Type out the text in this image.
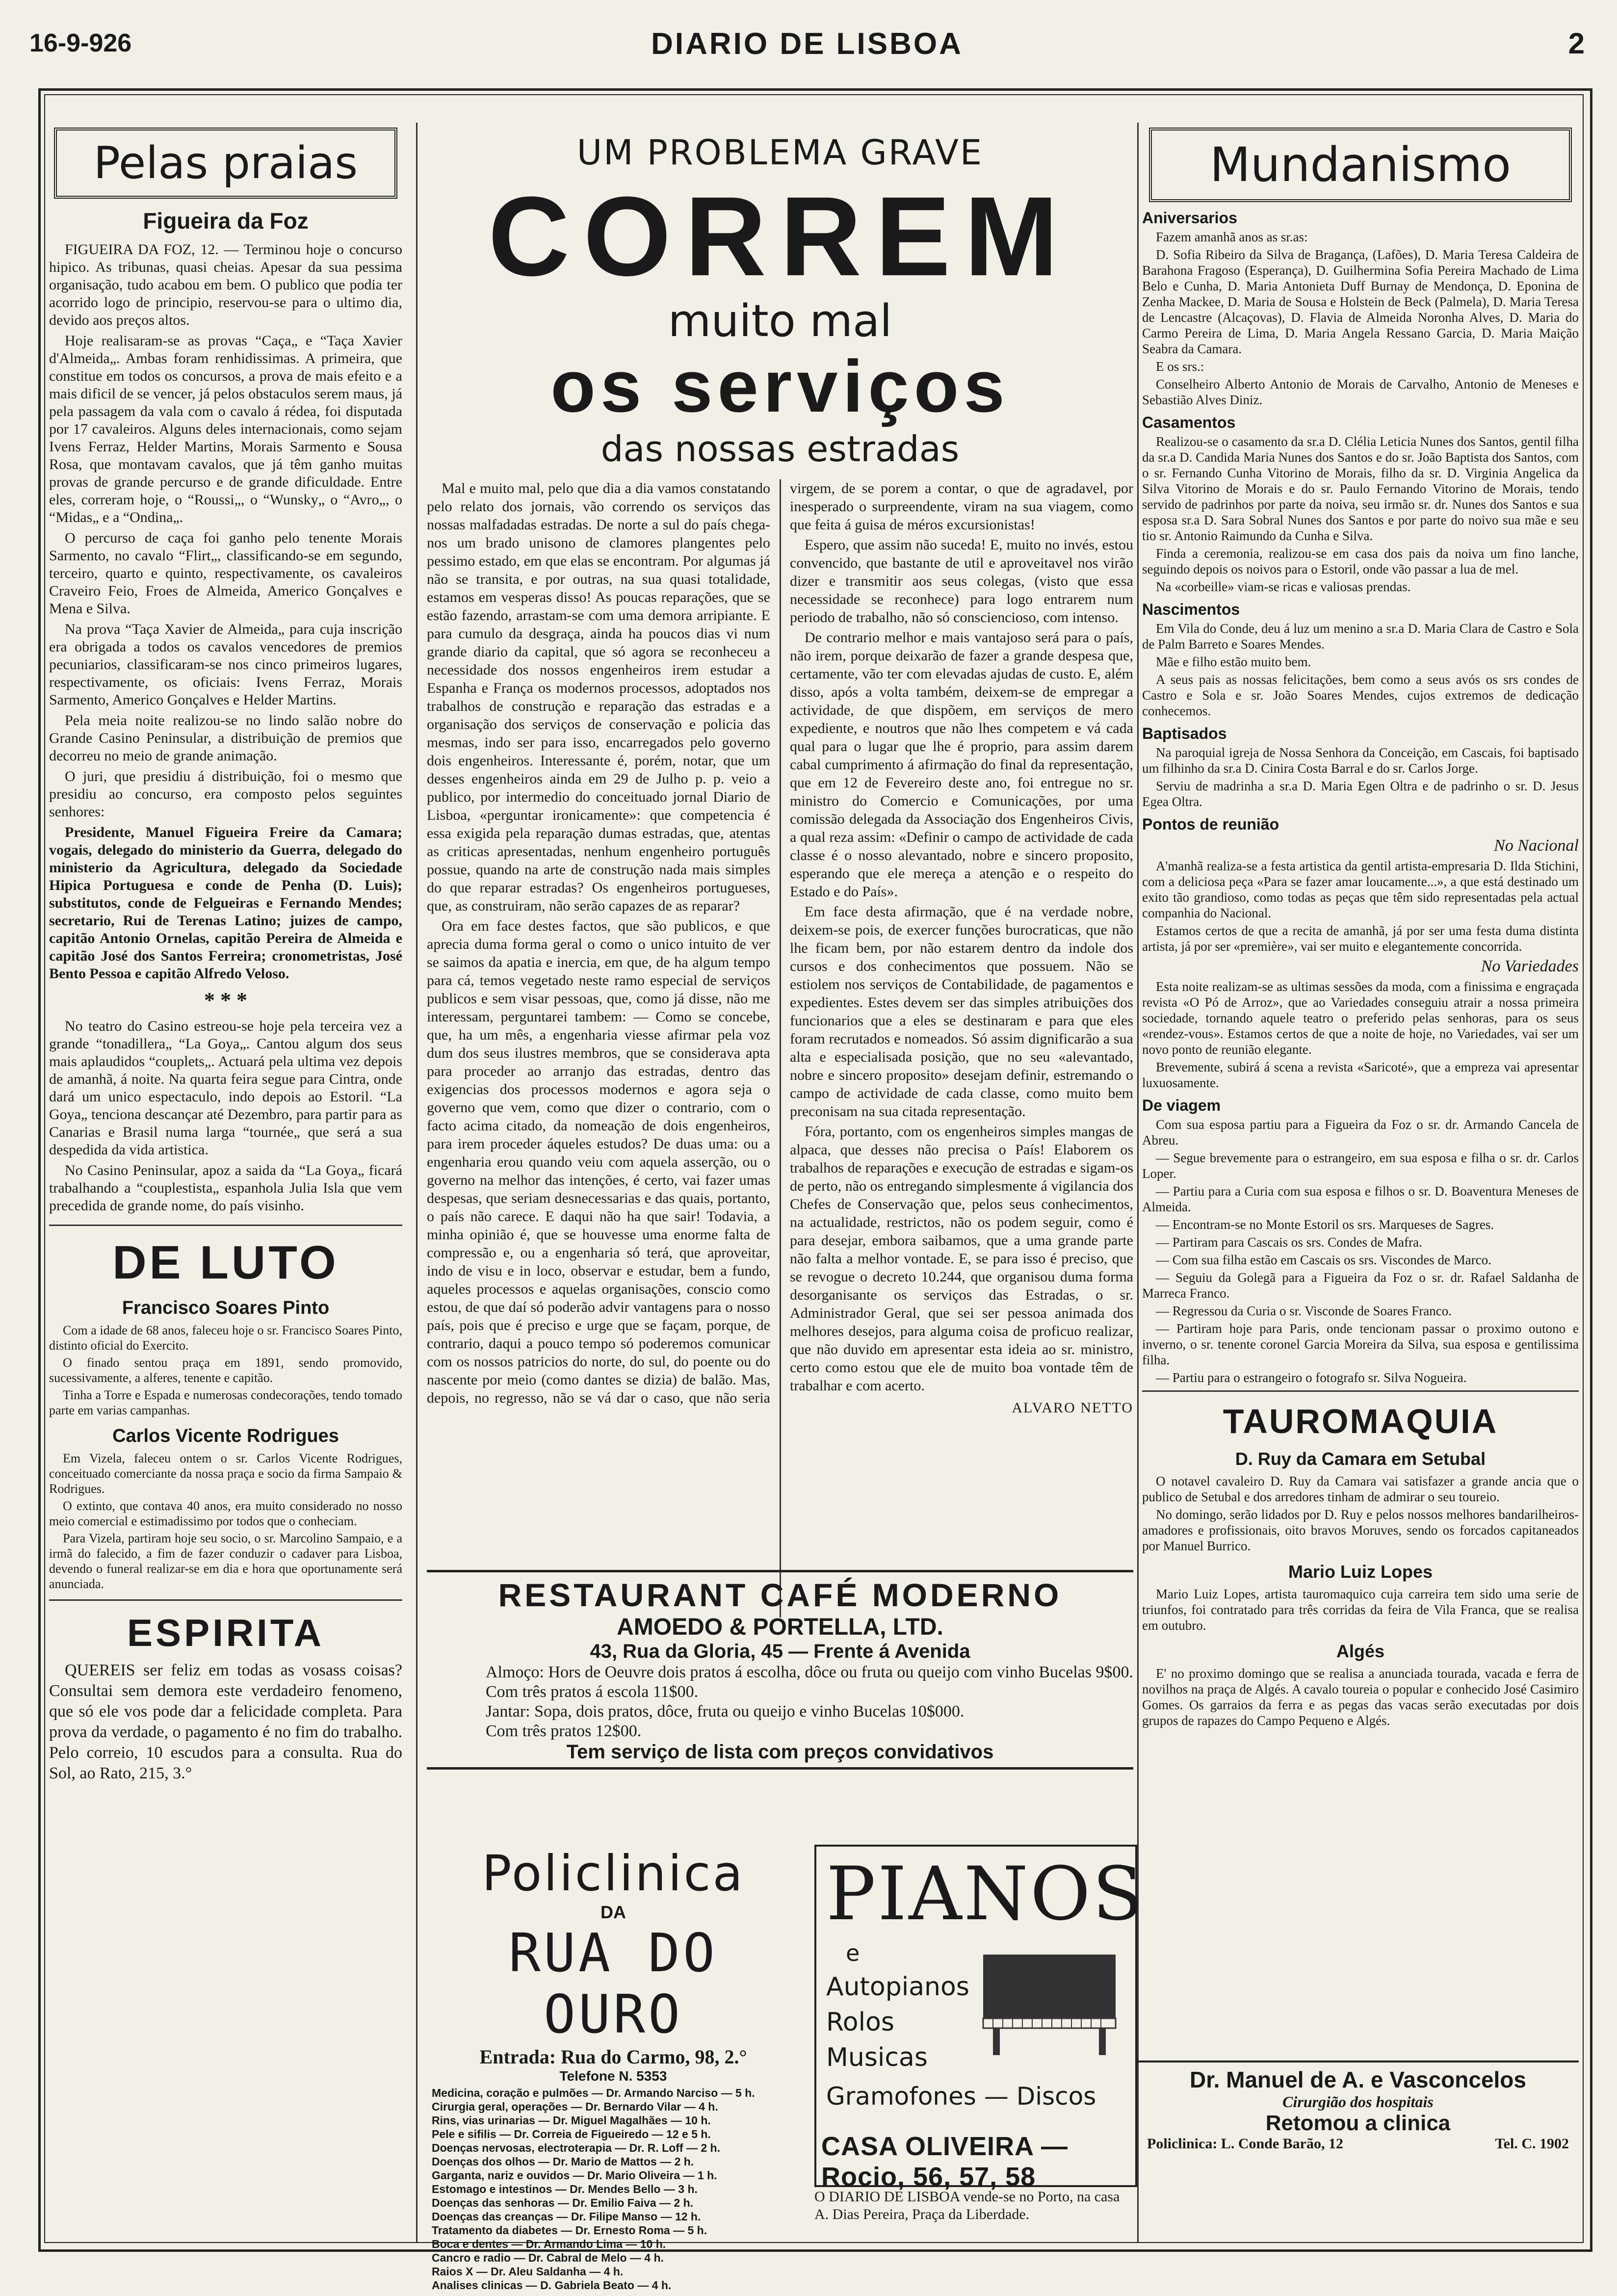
16-9-926	DIARIO DE LISBOA	2
Pelas praias
Figueira da Foz

FIGUEIRA DA FOZ, 12. — Terminou hoje o concurso hipico. As tribunas, quasi cheias. Apesar da sua pessima organisação, tudo acabou em bem. O publico que podia ter acorrido logo de principio, reservou-se para o ultimo dia, devido aos preços altos.

Hoje realisaram-se as provas “Caça„ e “Taça Xavier d'Almeida„. Ambas foram renhidissimas. A primeira, que constitue em todos os concursos, a prova de mais efeito e a mais dificil de se vencer, já pelos obstaculos serem maus, já pela passagem da vala com o cavalo á rédea, foi disputada por 17 cavaleiros. Alguns deles internacionais, como sejam Ivens Ferraz, Helder Martins, Morais Sarmento e Sousa Rosa, que montavam cavalos, que já têm ganho muitas provas de grande percurso e de grande dificuldade. Entre eles, correram hoje, o “Roussi„, o “Wunsky„ o “Avro„, o “Midas„ e a “Ondina„.

O percurso de caça foi ganho pelo tenente Morais Sarmento, no cavalo “Flirt„, classificando-se em segundo, terceiro, quarto e quinto, respectivamente, os cavaleiros Craveiro Feio, Froes de Almeida, Americo Gonçalves e Mena e Silva.

Na prova “Taça Xavier de Almeida„ para cuja inscrição era obrigada a todos os cavalos vencedores de premios pecuniarios, classificaram-se nos cinco primeiros lugares, respectivamente, os oficiais: Ivens Ferraz, Morais Sarmento, Americo Gonçalves e Helder Martins.

Pela meia noite realizou-se no lindo salão nobre do Grande Casino Peninsular, a distribuição de premios que decorreu no meio de grande animação.

O juri, que presidiu á distribuição, foi o mesmo que presidiu ao concurso, era composto pelos seguintes senhores:

Presidente, Manuel Figueira Freire da Camara; vogais, delegado do ministerio da Guerra, delegado do ministerio da Agricultura, delegado da Sociedade Hipica Portuguesa e conde de Penha (D. Luis); substitutos, conde de Felgueiras e Fernando Mendes; secretario, Rui de Terenas Latino; juizes de campo, capitão Antonio Ornelas, capitão Pereira de Almeida e capitão José dos Santos Ferreira; cronometristas, José Bento Pessoa e capitão Alfredo Veloso.

* * *

No teatro do Casino estreou-se hoje pela terceira vez a grande “tonadillera„ “La Goya„. Cantou algum dos seus mais aplaudidos “couplets„. Actuará pela ultima vez depois de amanhã, á noite. Na quarta feira segue para Cintra, onde dará um unico espectaculo, indo depois ao Estoril. “La Goya„ tenciona descançar até Dezembro, para partir para as Canarias e Brasil numa larga “tournée„ que será a sua despedida da vida artistica.

No Casino Peninsular, apoz a saida da “La Goya„ ficará trabalhando a “couplestista„ espanhola Julia Isla que vem precedida de grande nome, do país visinho.

DE LUTO
Francisco Soares Pinto

Com a idade de 68 anos, faleceu hoje o sr. Francisco Soares Pinto, distinto oficial do Exercito.

O finado sentou praça em 1891, sendo promovido, sucessivamente, a alferes, tenente e capitão.

Tinha a Torre e Espada e numerosas condecorações, tendo tomado parte em varias campanhas.

Carlos Vicente Rodrigues

Em Vizela, faleceu ontem o sr. Carlos Vicente Rodrigues, conceituado comerciante da nossa praça e socio da firma Sampaio & Rodrigues.

O extinto, que contava 40 anos, era muito considerado no nosso meio comercial e estimadissimo por todos que o conheciam.

Para Vizela, partiram hoje seu socio, o sr. Marcolino Sampaio, e a irmã do falecido, a fim de fazer conduzir o cadaver para Lisboa, devendo o funeral realizar-se em dia e hora que oportunamente será anunciada.

ESPIRITA

QUEREIS ser feliz em todas as vosass coisas? Consultai sem demora este verdadeiro fenomeno, que só ele vos pode dar a felicidade completa. Para prova da verdade, o pagamento é no fim do trabalho. Pelo correio, 10 escudos para a consulta. Rua do Sol, ao Rato, 215, 3.°

UM PROBLEMA GRAVE
CORREM
muito mal
os serviços
das nossas estradas

Mal e muito mal, pelo que dia a dia vamos constatando pelo relato dos jornais, vão correndo os serviços das nossas malfadadas estradas. De norte a sul do país chega-nos um brado unisono de clamores plangentes pelo pessimo estado, em que elas se encontram. Por algumas já não se transita, e por outras, na sua quasi totalidade, estamos em vesperas disso! As poucas reparações, que se estão fazendo, arrastam-se com uma demora arripiante. E para cumulo da desgraça, ainda ha poucos dias vi num grande diario da capital, que só agora se reconheceu a necessidade dos nossos engenheiros irem estudar a Espanha e França os modernos processos, adoptados nos trabalhos de construção e reparação das estradas e a organisação dos serviços de conservação e policia das mesmas, indo ser para isso, encarregados pelo governo dois engenheiros. Interessante é, porém, notar, que um desses engenheiros ainda em 29 de Julho p. p. veio a publico, por intermedio do conceituado jornal Diario de Lisboa, «perguntar ironicamente»: que competencia é essa exigida pela reparação dumas estradas, que, atentas as criticas apresentadas, nenhum engenheiro português possue, quando na arte de construção nada mais simples do que reparar estradas? Os engenheiros portugueses, que, as construiram, não serão capazes de as reparar?

Ora em face destes factos, que são publicos, e que aprecia duma forma geral o como o unico intuito de ver se saimos da apatia e inercia, em que, de ha algum tempo para cá, temos vegetado neste ramo especial de serviços publicos e sem visar pessoas, que, como já disse, não me interessam, perguntarei tambem: — Como se concebe, que, ha um mês, a engenharia viesse afirmar pela voz dum dos seus ilustres membros, que se considerava apta para proceder ao arranjo das estradas, dentro das exigencias dos processos modernos e agora seja o governo que vem, como que dizer o contrario, com o facto acima citado, da nomeação de dois engenheiros, para irem proceder áqueles estudos? De duas uma: ou a engenharia erou quando veiu com aquela asserção, ou o governo na melhor das intenções, é certo, vai fazer umas despesas, que seriam desnecessarias e das quais, portanto, o país não carece. E daqui não ha que sair! Todavia, a minha opinião é, que se houvesse uma enorme falta de compressão e, ou a engenharia só terá, que aproveitar, indo de visu e in loco, observar e estudar, bem a fundo, aqueles processos e aquelas organisações, conscio como estou, de que daí só poderão advir vantagens para o nosso país, pois que é preciso e urge que se façam, porque, de contrario, daqui a pouco tempo só poderemos comunicar com os nossos patricios do norte, do sul, do poente ou do nascente por meio (como dantes se dizia) de balão. Mas, depois, no regresso, não se vá dar o caso, que não seria virgem, de se porem a contar, o que de agradavel, por inesperado o surpreendente, viram na sua viagem, como que feita á guisa de méros excursionistas!

Espero, que assim não suceda! E, muito no invés, estou convencido, que bastante de util e aproveitavel nos virão dizer e transmitir aos seus colegas, (visto que essa necessidade se reconhece) para logo entrarem num periodo de trabalho, não só consciencioso, com intenso.

De contrario melhor e mais vantajoso será para o país, não irem, porque deixarão de fazer a grande despesa que, certamente, vão ter com elevadas ajudas de custo. E, além disso, após a volta também, deixem-se de empregar a actividade, de que dispõem, em serviços de mero expediente, e noutros que não lhes competem e vá cada qual para o lugar que lhe é proprio, para assim darem cabal cumprimento á afirmação do final da representação, que em 12 de Fevereiro deste ano, foi entregue no sr. ministro do Comercio e Comunicações, por uma comissão delegada da Associação dos Engenheiros Civis, a qual reza assim: «Definir o campo de actividade de cada classe é o nosso alevantado, nobre e sincero proposito, esperando que ele mereça a atenção e o respeito do Estado e do País».

Em face desta afirmação, que é na verdade nobre, deixem-se pois, de exercer funções burocraticas, que não lhe ficam bem, por não estarem dentro da indole dos cursos e dos conhecimentos que possuem. Não se estiolem nos serviços de Contabilidade, de pagamentos e expedientes. Estes devem ser das simples atribuições dos funcionarios que a eles se destinaram e para que eles foram recrutados e nomeados. Só assim dignificarão a sua alta e especialisada posição, que no seu «alevantado, nobre e sincero proposito» desejam definir, estremando o campo de actividade de cada classe, como muito bem preconisam na sua citada representação.

Fóra, portanto, com os engenheiros simples mangas de alpaca, que desses não precisa o País! Elaborem os trabalhos de reparações e execução de estradas e sigam-os de perto, não os entregando simplesmente á vigilancia dos Chefes de Conservação que, pelos seus conhecimentos, na actualidade, restrictos, não os podem seguir, como é para desejar, embora saibamos, que a uma grande parte não falta a melhor vontade. E, se para isso é preciso, que se revogue o decreto 10.244, que organisou duma forma desorganisante os serviços das Estradas, o sr. Administrador Geral, que sei ser pessoa animada dos melhores desejos, para alguma coisa de proficuo realizar, que não duvido em apresentar esta ideia ao sr. ministro, certo como estou que ele de muito boa vontade têm de trabalhar e com acerto.

ALVARO NETTO
RESTAURANT CAFÉ MODERNO
AMOEDO & PORTELLA, LTD.
43, Rua da Gloria, 45 — Frente á Avenida
Almoço: Hors de Oeuvre dois pratos á escolha, dôce ou fruta ou queijo com vinho Bucelas 9$00.
Com três pratos á escola 11$00.
Jantar: Sopa, dois pratos, dôce, fruta ou queijo e vinho Bucelas 10$000.
Com três pratos 12$00.
Tem serviço de lista com preços convidativos
Policlinica
DA
RUA DO OURO
Entrada: Rua do Carmo, 98, 2.°
Telefone N. 5353
Medicina, coração e pulmões — Dr. Armando Narciso — 5 h.
Cirurgia geral, operações — Dr. Bernardo Vilar — 4 h.
Rins, vias urinarias — Dr. Miguel Magalhães — 10 h.
Pele e sifilis — Dr. Correia de Figueiredo — 12 e 5 h.
Doenças nervosas, electroterapia — Dr. R. Loff — 2 h.
Doenças dos olhos — Dr. Mario de Mattos — 2 h.
Garganta, nariz e ouvidos — Dr. Mario Oliveira — 1 h.
Estomago e intestinos — Dr. Mendes Bello — 3 h.
Doenças das senhoras — Dr. Emilio Faiva — 2 h.
Doenças das creanças — Dr. Filipe Manso — 12 h.
Tratamento da diabetes — Dr. Ernesto Roma — 5 h.
Boca e dentes — Dr. Armando Lima — 10 h.
Cancro e radio — Dr. Cabral de Melo — 4 h.
Raios X — Dr. Aleu Saldanha — 4 h.
Analises clinicas — D. Gabriela Beato — 4 h.
PIANOS
e
Autopianos
Rolos
Musicas
Gramofones — Discos
CASA OLIVEIRA — Rocio, 56, 57, 58
O DIARIO DE LISBOA vende-se no Porto, na casa A. Dias Pereira, Praça da Liberdade.
Mundanismo
Aniversarios

Fazem amanhã anos as sr.as:

D. Sofia Ribeiro da Silva de Bragança, (Lafões), D. Maria Teresa Caldeira de Barahona Fragoso (Esperança), D. Guilhermina Sofia Pereira Machado de Lima Belo e Cunha, D. Maria Antonieta Duff Burnay de Mendonça, D. Eponina de Zenha Mackee, D. Maria de Sousa e Holstein de Beck (Palmela), D. Maria Teresa de Lencastre (Alcaçovas), D. Flavia de Almeida Noronha Alves, D. Maria do Carmo Pereira de Lima, D. Maria Angela Ressano Garcia, D. Maria Maição Seabra da Camara.

E os srs.:

Conselheiro Alberto Antonio de Morais de Carvalho, Antonio de Meneses e Sebastião Alves Diniz.

Casamentos

Realizou-se o casamento da sr.a D. Clélia Leticia Nunes dos Santos, gentil filha da sr.a D. Candida Maria Nunes dos Santos e do sr. João Baptista dos Santos, com o sr. Fernando Cunha Vitorino de Morais, filho da sr. D. Virginia Angelica da Silva Vitorino de Morais e do sr. Paulo Fernando Vitorino de Morais, tendo servido de padrinhos por parte da noiva, seu irmão sr. dr. Nunes dos Santos e sua esposa sr.a D. Sara Sobral Nunes dos Santos e por parte do noivo sua mãe e seu tio sr. Antonio Raimundo da Cunha e Silva.

Finda a ceremonia, realizou-se em casa dos pais da noiva um fino lanche, seguindo depois os noivos para o Estoril, onde vão passar a lua de mel.

Na «corbeille» viam-se ricas e valiosas prendas.

Nascimentos

Em Vila do Conde, deu á luz um menino a sr.a D. Maria Clara de Castro e Sola de Palm Barreto e Soares Mendes.

Mãe e filho estão muito bem.

A seus pais as nossas felicitações, bem como a seus avós os srs condes de Castro e Sola e sr. João Soares Mendes, cujos extremos de dedicação conhecemos.

Baptisados

Na paroquial igreja de Nossa Senhora da Conceição, em Cascais, foi baptisado um filhinho da sr.a D. Cinira Costa Barral e do sr. Carlos Jorge.

Serviu de madrinha a sr.a D. Maria Egen Oltra e de padrinho o sr. D. Jesus Egea Oltra.

Pontos de reunião
No Nacional

A'manhã realiza-se a festa artistica da gentil artista-empresaria D. Ilda Stichini, com a deliciosa peça «Para se fazer amar loucamente...», a que está destinado um exito tão grandioso, como todas as peças que têm sido representadas pela actual companhia do Nacional.

Estamos certos de que a recita de amanhã, já por ser uma festa duma distinta artista, já por ser «première», vai ser muito e elegantemente concorrida.

No Variedades

Esta noite realizam-se as ultimas sessões da moda, com a finissima e engraçada revista «O Pó de Arroz», que ao Variedades conseguiu atrair a nossa primeira sociedade, tornando aquele teatro o preferido pelas senhoras, para os seus «rendez-vous». Estamos certos de que a noite de hoje, no Variedades, vai ser um novo ponto de reunião elegante.

Brevemente, subirá á scena a revista «Saricoté», que a empreza vai apresentar luxuosamente.

De viagem

Com sua esposa partiu para a Figueira da Foz o sr. dr. Armando Cancela de Abreu.

— Segue brevemente para o estrangeiro, em sua esposa e filha o sr. dr. Carlos Loper.

— Partiu para a Curia com sua esposa e filhos o sr. D. Boaventura Meneses de Almeida.

— Encontram-se no Monte Estoril os srs. Marqueses de Sagres.

— Partiram para Cascais os srs. Condes de Mafra.

— Com sua filha estão em Cascais os srs. Viscondes de Marco.

— Seguiu da Golegã para a Figueira da Foz o sr. dr. Rafael Saldanha de Marreca Franco.

— Regressou da Curia o sr. Visconde de Soares Franco.

— Partiram hoje para Paris, onde tencionam passar o proximo outono e inverno, o sr. tenente coronel Garcia Moreira da Silva, sua esposa e gentilissima filha.

— Partiu para o estrangeiro o fotografo sr. Silva Nogueira.

TAUROMAQUIA
D. Ruy da Camara em Setubal

O notavel cavaleiro D. Ruy da Camara vai satisfazer a grande ancia que o publico de Setubal e dos arredores tinham de admirar o seu toureio.

No domingo, serão lidados por D. Ruy e pelos nossos melhores bandarilheiros-amadores e profissionais, oito bravos Moruves, sendo os forcados capitaneados por Manuel Burrico.

Mario Luiz Lopes

Mario Luiz Lopes, artista tauromaquico cuja carreira tem sido uma serie de triunfos, foi contratado para três corridas da feira de Vila Franca, que se realisa em outubro.

Algés

E' no proximo domingo que se realisa a anunciada tourada, vacada e ferra de novilhos na praça de Algés. A cavalo toureia o popular e conhecido José Casimiro Gomes. Os garraios da ferra e as pegas das vacas serão executadas por dois grupos de rapazes do Campo Pequeno e Algés.

Dr. Manuel de A. e Vasconcelos
Cirurgião dos hospitais
Retomou a clinica
Policlinica: L. Conde Barão, 12	Tel. C. 1902
